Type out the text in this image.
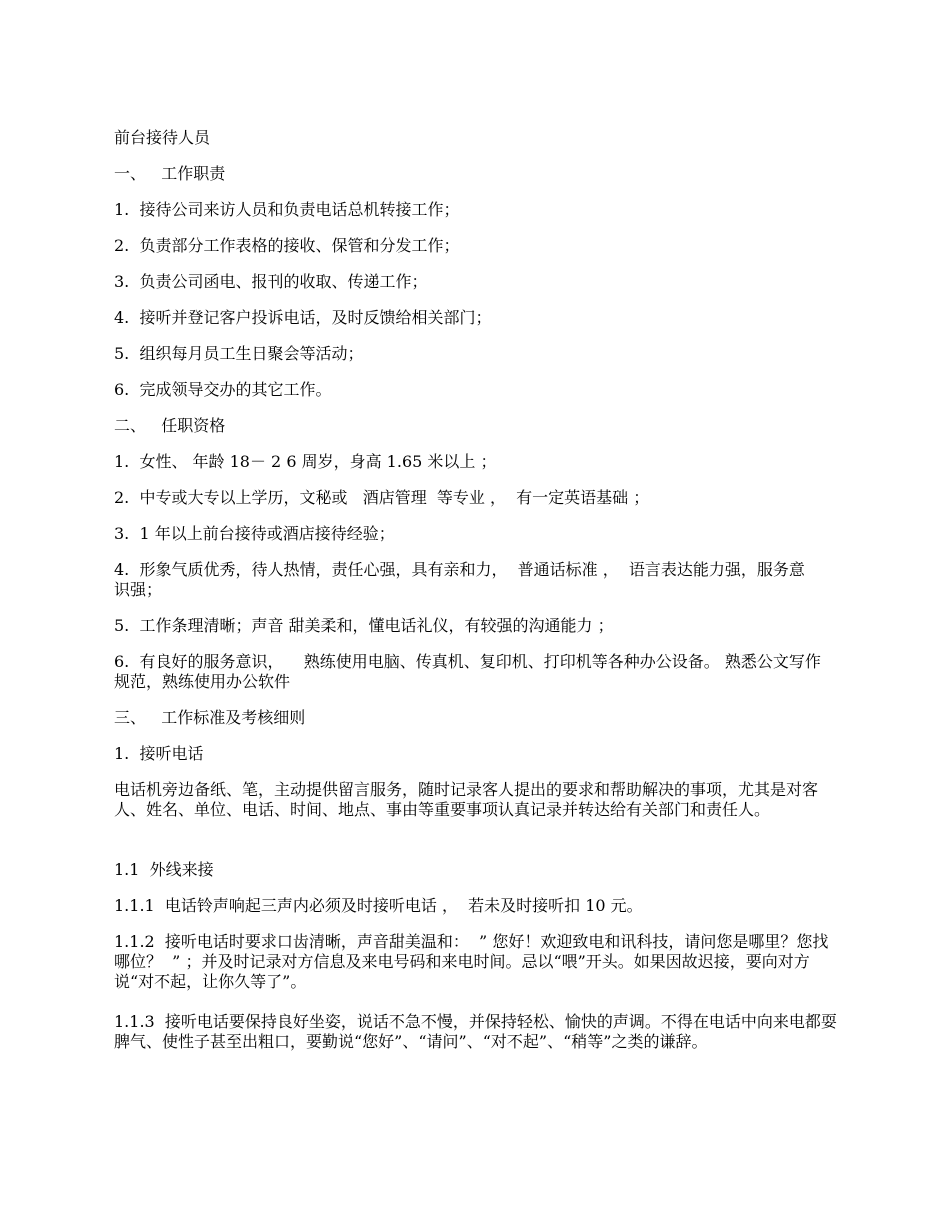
前台接待人员

一、   工作职责

1.  接待公司来访人员和负责电话总机转接工作；

2.  负责部分工作表格的接收、保管和分发工作；

3.  负责公司函电、报刊的收取、传递工作；

4.  接听并登记客户投诉电话，及时反馈给相关部门；

5.  组织每月员工生日聚会等活动；

6.  完成领导交办的其它工作。

二、   任职资格

1.  女性、 年龄 18－ 2 6 周岁，身高 1.65 米以上 ；

2.  中专或大专以上学历，文秘或   酒店管理  等专业 ，  有一定英语基础 ；

3.  1 年以上前台接待或酒店接待经验；

4.  形象气质优秀，待人热情，责任心强，具有亲和力，  普通话标准 ，  语言表达能力强，服务意识强；

5.  工作条理清晰；声音 甜美柔和，懂电话礼仪，有较强的沟通能力 ；

6.  有良好的服务意识，    熟练使用电脑、传真机、复印机、打印机等各种办公设备。 熟悉公文写作规范，熟练使用办公软件

三、   工作标准及考核细则

1.  接听电话

电话机旁边备纸、笔，主动提供留言服务，随时记录客人提出的要求和帮助解决的事项，尤其是对客人、姓名、单位、电话、时间、地点、事由等重要事项认真记录并转达给有关部门和责任人。

1.1  外线来接

1.1.1  电话铃声响起三声内必须及时接听电话 ，  若未及时接听扣 10 元。

1.1.2  接听电话时要求口齿清晰，声音甜美温和：  ” 您好！欢迎致电和讯科技，请问您是哪里？您找哪位？  ” ；并及时记录对方信息及来电号码和来电时间。忌以“喂”开头。如果因故迟接，要向对方说“对不起，让你久等了”。

1.1.3  接听电话要保持良好坐姿，说话不急不慢，并保持轻松、愉快的声调。不得在电话中向来电都耍脾气、使性子甚至出粗口，要勤说“您好”、“请问”、“对不起”、“稍等”之类的谦辞。
